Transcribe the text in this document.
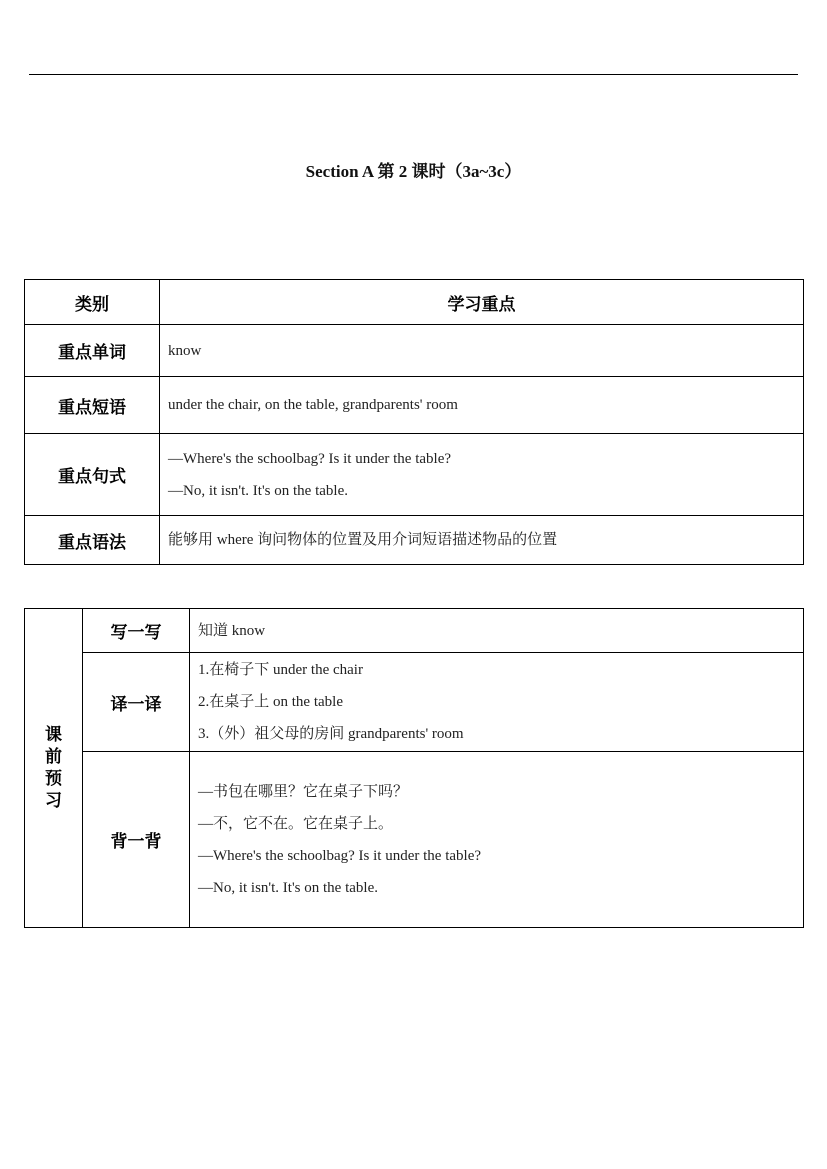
Section A 第 2 课时（3a~3c）
类别	学习重点
重点单词	know

重点短语	under the chair, on the table, grandparents' room

重点句式	—Where's the schoolbag? Is it under the table?
—No, it isn't. It's on the table.

重点语法	能够用 where 询问物体的位置及用介词短语描述物品的位置
课前预习	写一写	知道 know

	译一译	1.在椅子下 under the chair
2.在桌子上 on the table
3.（外）祖父母的房间 grandparents' room

	背一背	—书包在哪里？它在桌子下吗？
—不，它不在。它在桌子上。
—Where's the schoolbag? Is it under the table?
—No, it isn't. It's on the table.
